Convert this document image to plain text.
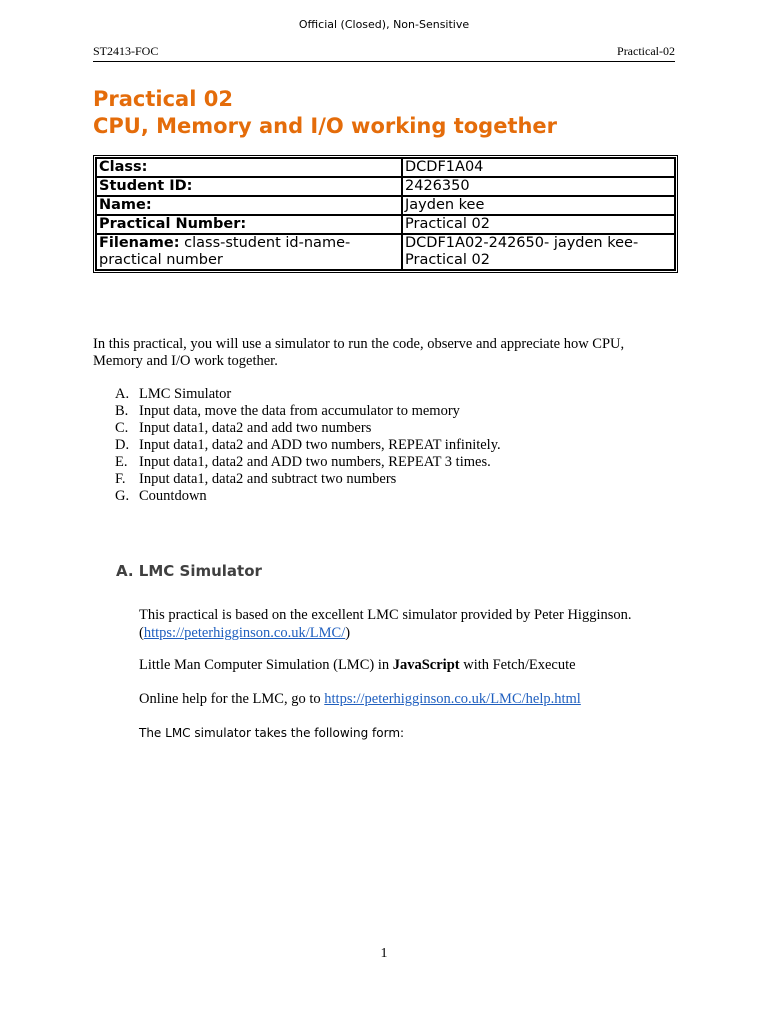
Official (Closed), Non-Sensitive
ST2413-FOC	Practical-02
Practical 02
CPU, Memory and I/O working together
Class:	DCDF1A04
Student ID:	2426350
Name:	Jayden kee
Practical Number:	Practical 02
Filename: class-student id-name-practical number	DCDF1A02-242650- jayden kee-Practical 02

In this practical, you will use a simulator to run the code, observe and appreciate how CPU, Memory and I/O work together.

A. LMC Simulator
B. Input data, move the data from accumulator to memory
C. Input data1, data2 and add two numbers
D. Input data1, data2 and ADD two numbers, REPEAT infinitely.
E. Input data1, data2 and ADD two numbers, REPEAT 3 times.
F. Input data1, data2 and subtract two numbers
G. Countdown
A. LMC Simulator

This practical is based on the excellent LMC simulator provided by Peter Higginson. (https://peterhigginson.co.uk/LMC/)

Little Man Computer Simulation (LMC) in JavaScript with Fetch/Execute

Online help for the LMC, go to https://peterhigginson.co.uk/LMC/help.html

The LMC simulator takes the following form:

1
